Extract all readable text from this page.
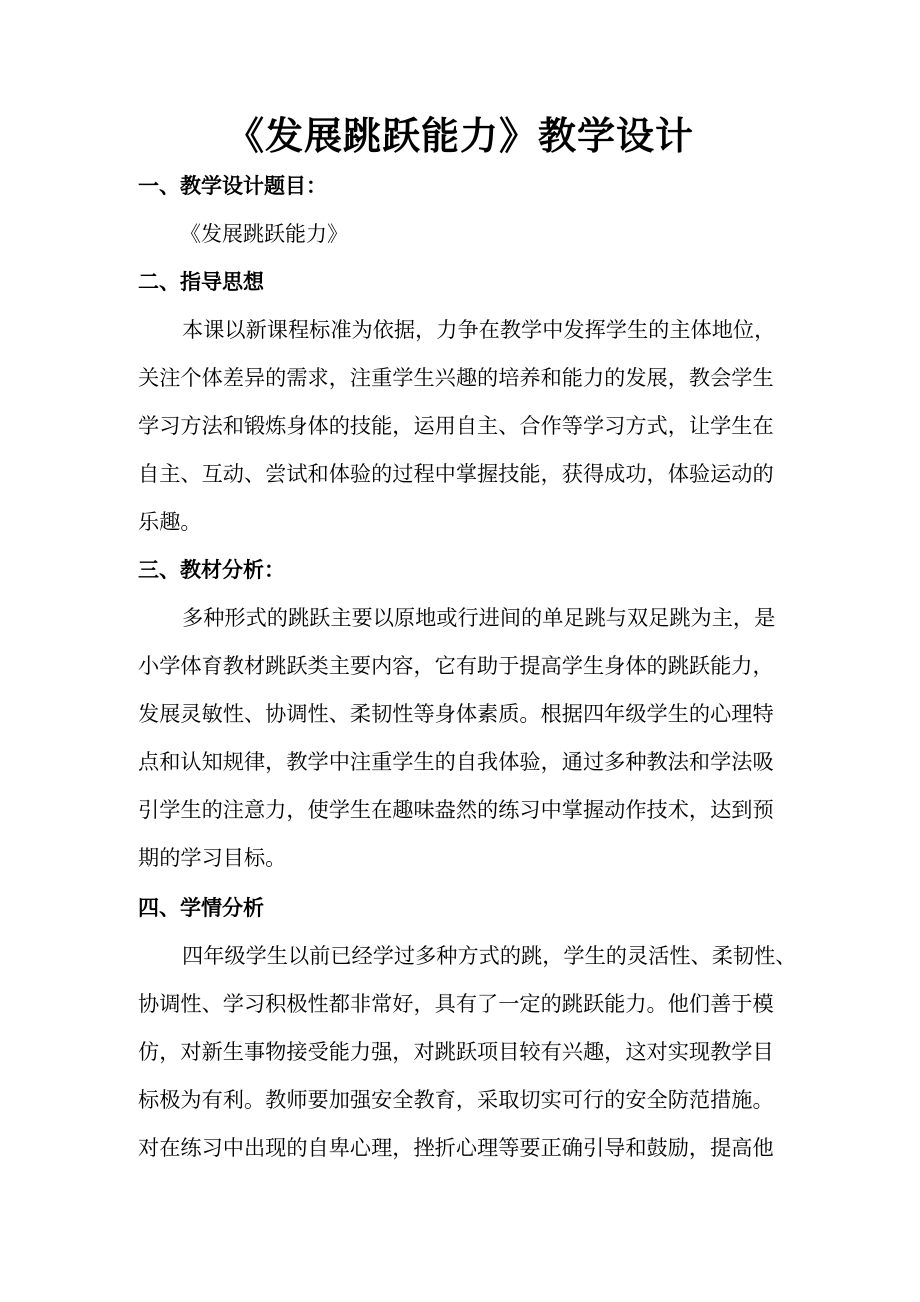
《发展跳跃能力》教学设计
一、教学设计题目：
《发展跳跃能力》
二、指导思想
本课以新课程标准为依据，力争在教学中发挥学生的主体地位，
关注个体差异的需求，注重学生兴趣的培养和能力的发展，教会学生
学习方法和锻炼身体的技能，运用自主、合作等学习方式，让学生在
自主、互动、尝试和体验的过程中掌握技能，获得成功，体验运动的
乐趣。
三、教材分析：
多种形式的跳跃主要以原地或行进间的单足跳与双足跳为主，是
小学体育教材跳跃类主要内容，它有助于提高学生身体的跳跃能力，
发展灵敏性、协调性、柔韧性等身体素质。根据四年级学生的心理特
点和认知规律，教学中注重学生的自我体验，通过多种教法和学法吸
引学生的注意力，使学生在趣味盎然的练习中掌握动作技术，达到预
期的学习目标。
四、学情分析
四年级学生以前已经学过多种方式的跳，学生的灵活性、柔韧性、
协调性、学习积极性都非常好，具有了一定的跳跃能力。他们善于模
仿，对新生事物接受能力强，对跳跃项目较有兴趣，这对实现教学目
标极为有利。教师要加强安全教育，采取切实可行的安全防范措施。
对在练习中出现的自卑心理，挫折心理等要正确引导和鼓励，提高他
